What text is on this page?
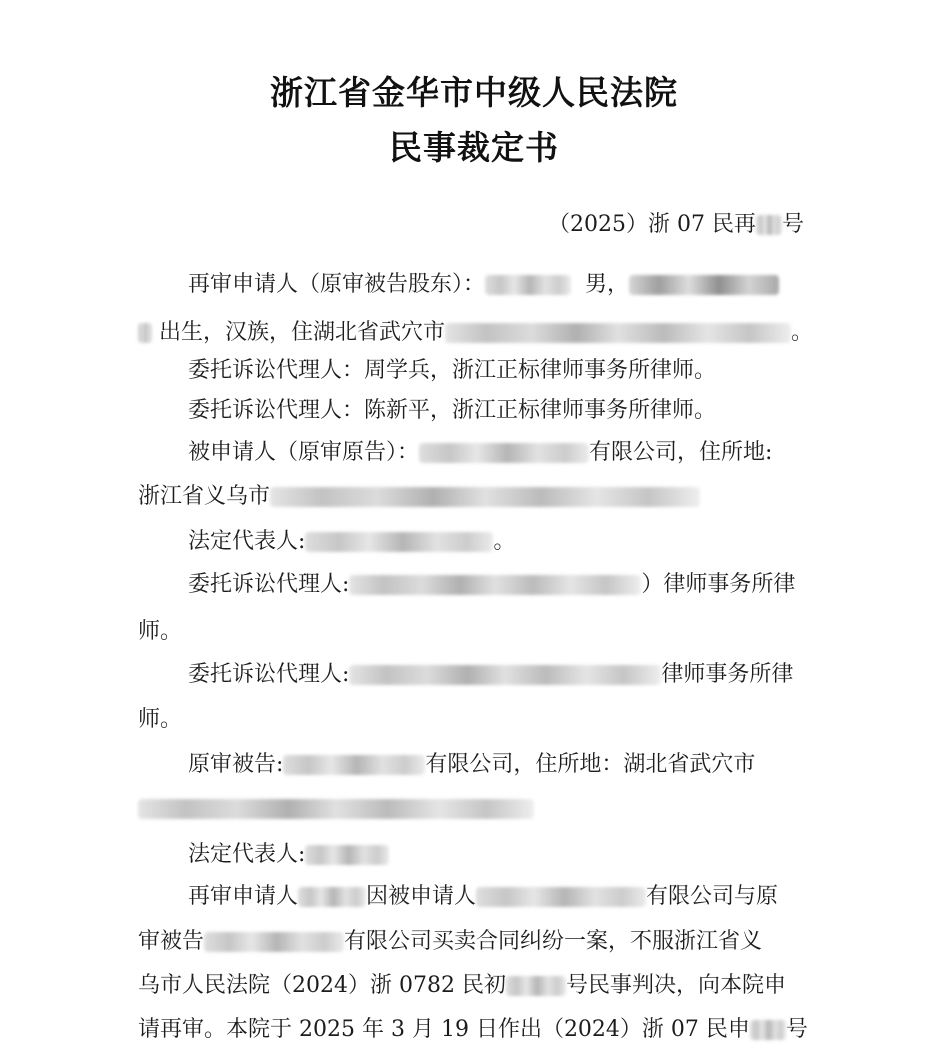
浙江省金华市中级人民法院
民事裁定书
（2025）浙 07 民再 号
再审申请人（原审被告股东）：	男，
出生，汉族，住湖北省武穴市	。
委托诉讼代理人：周学兵，浙江正标律师事务所律师。
委托诉讼代理人：陈新平，浙江正标律师事务所律师。
被申请人（原审原告）：	有限公司，住所地:
浙江省义乌市
法定代表人:	。
委托诉讼代理人:	）律师事务所律
师。
委托诉讼代理人:	律师事务所律
师。
原审被告:	有限公司，住所地：湖北省武穴市
法定代表人:
再审申请人	因被申请人	有限公司与原
审被告	有限公司买卖合同纠纷一案，不服浙江省义
乌市人民法院（2024）浙 0782 民初	号民事判决，向本院申
请再审。本院于 2025 年 3 月 19 日作出（2024）浙 07 民申 号
